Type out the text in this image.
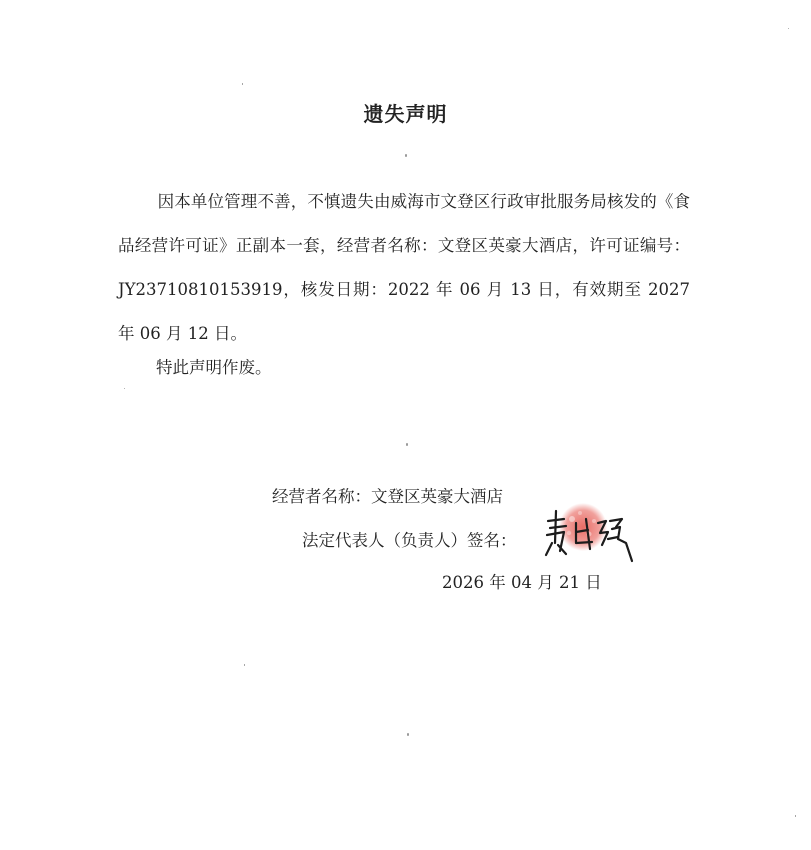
遗失声明

因本单位管理不善，不慎遗失由威海市文登区行政审批服务局核发的《食品经营许可证》正副本一套，经营者名称：文登区英豪大酒店，许可证编号：JY23710810153919，核发日期：2022 年 06 月 13 日，有效期至 2027 年 06 月 12 日。

特此声明作废。
经营者名称：文登区英豪大酒店
法定代表人（负责人）签名：
2026 年 04 月 21 日
